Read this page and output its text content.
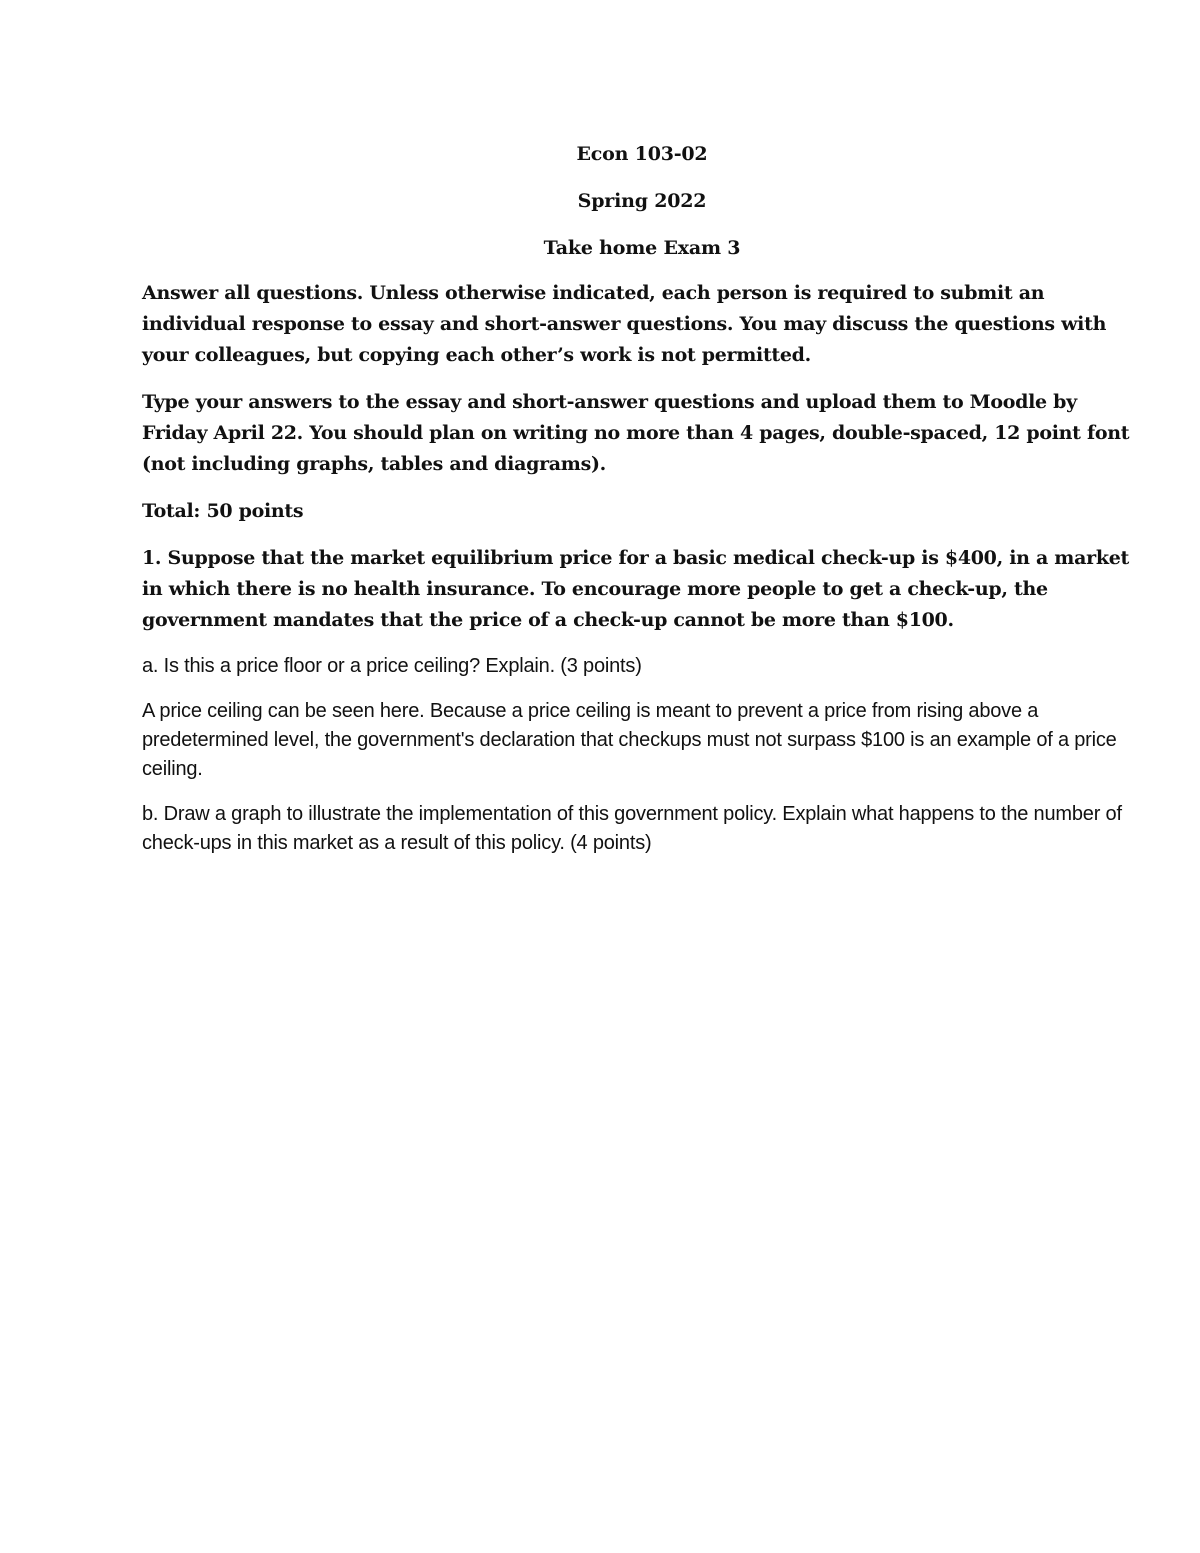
Econ 103-02

Spring 2022

Take home Exam 3

Answer all questions. Unless otherwise indicated, each person is required to submit an individual response to essay and short-answer questions. You may discuss the questions with your colleagues, but copying each other’s work is not permitted.

Type your answers to the essay and short-answer questions and upload them to Moodle by Friday April 22. You should plan on writing no more than 4 pages, double-spaced, 12 point font (not including graphs, tables and diagrams).

Total: 50 points

1. Suppose that the market equilibrium price for a basic medical check-up is $400, in a market in which there is no health insurance. To encourage more people to get a check-up, the government mandates that the price of a check-up cannot be more than $100.

a. Is this a price floor or a price ceiling? Explain. (3 points)

A price ceiling can be seen here. Because a price ceiling is meant to prevent a price from rising above a predetermined level, the government's declaration that checkups must not surpass $100 is an example of a price ceiling.

b. Draw a graph to illustrate the implementation of this government policy. Explain what happens to the number of check-ups in this market as a result of this policy. (4 points)
